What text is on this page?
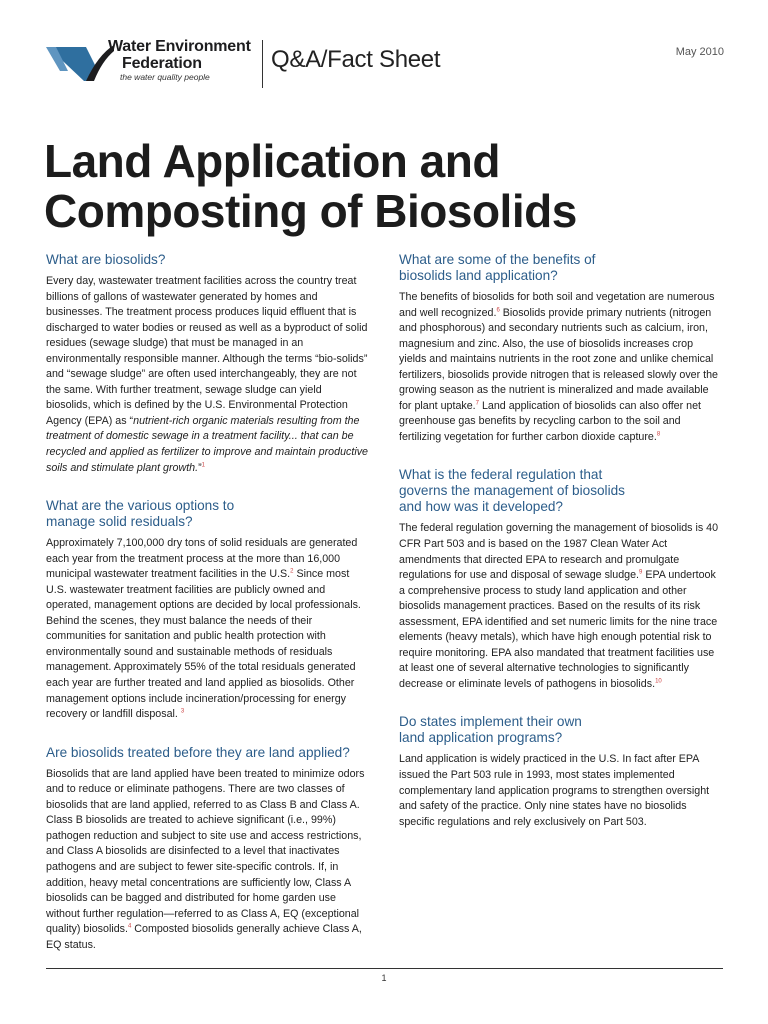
Water Environment
Federation
the water quality people
Q&A/Fact Sheet	May 2010
Land Application and
Composting of Biosolids
What are biosolids?

Every day, wastewater treatment facilities across the country treat billions of gallons of wastewater generated by homes and businesses. The treatment process produces liquid effluent that is discharged to water bodies or reused as well as a byproduct of solid residues (sewage sludge) that must be managed in an environmentally responsible manner. Although the terms “bio-solids” and “sewage sludge” are often used interchangeably, they are not the same. With further treatment, sewage sludge can yield biosolids, which is defined by the U.S. Environmental Protection Agency (EPA) as “nutrient-rich organic materials resulting from the treatment of domestic sewage in a treatment facility... that can be recycled and applied as fertilizer to improve and maintain productive soils and stimulate plant growth.”$^1$

What are the various options to
manage solid residuals?

Approximately 7,100,000 dry tons of solid residuals are generated each year from the treatment process at the more than 16,000 municipal wastewater treatment facilities in the U.S.$^2$ Since most U.S. wastewater treatment facilities are publicly owned and operated, management options are decided by local professionals. Behind the scenes, they must balance the needs of their communities for sanitation and public health protection with environmentally sound and sustainable methods of residuals management. Approximately 55% of the total residuals generated each year are further treated and land applied as biosolids. Other management options include incineration/processing for energy recovery or landfill disposal. $^3$

Are biosolids treated before they are land applied?

Biosolids that are land applied have been treated to minimize odors and to reduce or eliminate pathogens. There are two classes of biosolids that are land applied, referred to as Class B and Class A. Class B biosolids are treated to achieve significant (i.e., 99%) pathogen reduction and subject to site use and access restrictions, and Class A biosolids are disinfected to a level that inactivates pathogens and are subject to fewer site-specific controls. If, in addition, heavy metal concentrations are sufficiently low, Class A biosolids can be bagged and distributed for home garden use without further regulation—referred to as Class A, EQ (exceptional quality) biosolids.$^4$ Composted biosolids generally achieve Class A, EQ status.

What are some of the benefits of
biosolids land application?

The benefits of biosolids for both soil and vegetation are numerous and well recognized.$^6$ Biosolids provide primary nutrients (nitrogen and phosphorous) and secondary nutrients such as calcium, iron, magnesium and zinc. Also, the use of biosolids increases crop yields and maintains nutrients in the root zone and unlike chemical fertilizers, biosolids provide nitrogen that is released slowly over the growing season as the nutrient is mineralized and made available for plant uptake.$^7$ Land application of biosolids can also offer net greenhouse gas benefits by recycling carbon to the soil and fertilizing vegetation for further carbon dioxide capture.$^8$

What is the federal regulation that
governs the management of biosolids
and how was it developed?

The federal regulation governing the management of biosolids is 40 CFR Part 503 and is based on the 1987 Clean Water Act amendments that directed EPA to research and promulgate regulations for use and disposal of sewage sludge.$^9$ EPA undertook a comprehensive process to study land application and other biosolids management practices. Based on the results of its risk assessment, EPA identified and set numeric limits for the nine trace elements (heavy metals), which have high enough potential risk to require monitoring. EPA also mandated that treatment facilities use at least one of several alternative technologies to significantly decrease or eliminate levels of pathogens in biosolids.$^{10}$

Do states implement their own
land application programs?

Land application is widely practiced in the U.S. In fact after EPA issued the Part 503 rule in 1993, most states implemented complementary land application programs to strengthen oversight and safety of the practice. Only nine states have no biosolids specific regulations and rely exclusively on Part 503.

1
